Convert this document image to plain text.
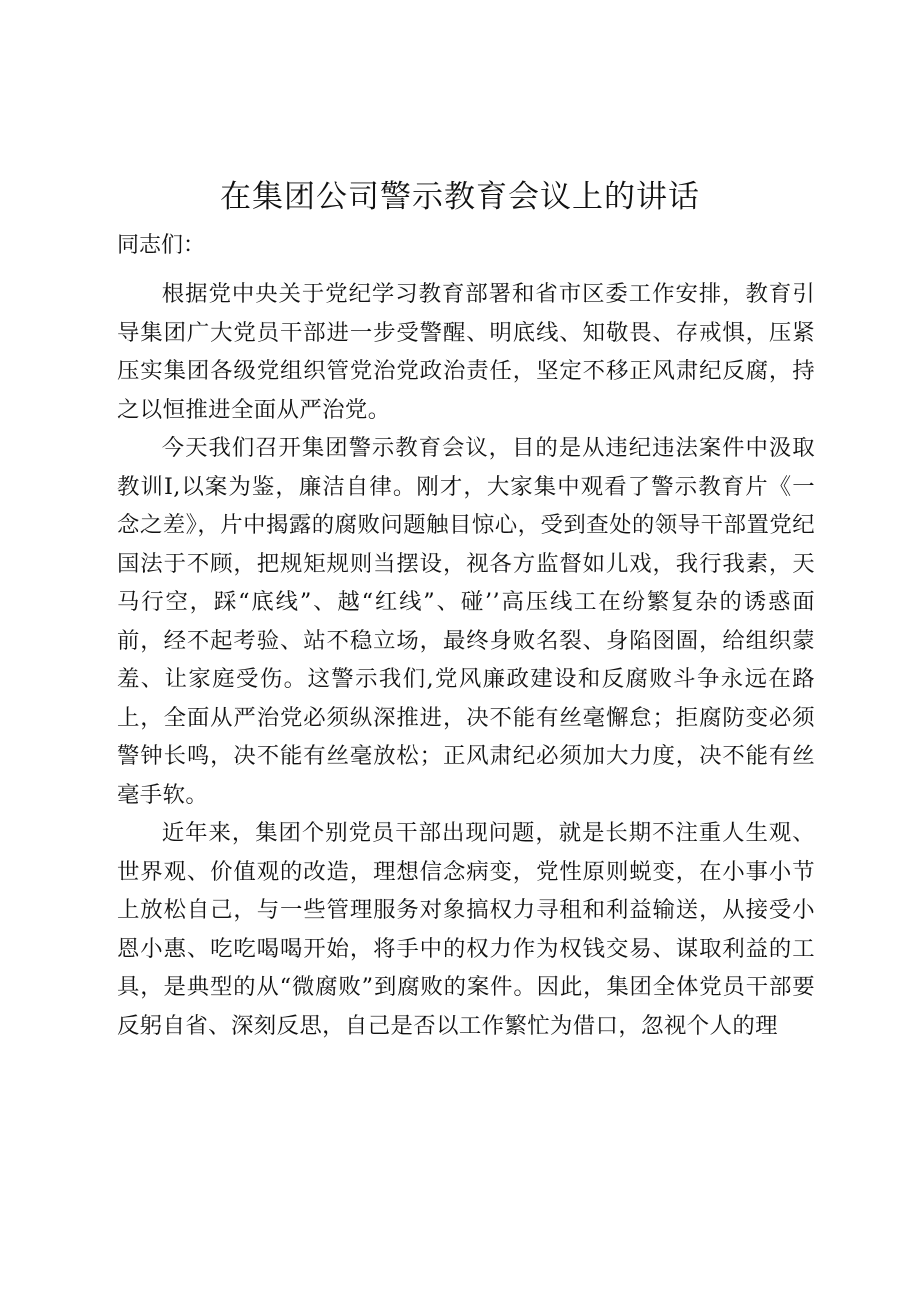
在集团公司警示教育会议上的讲话

同志们：

根据党中央关于党纪学习教育部署和省市区委工作安排，教育引导集团广大党员干部进一步受警醒、明底线、知敬畏、存戒惧，压紧压实集团各级党组织管党治党政治责任，坚定不移正风肃纪反腐，持之以恒推进全面从严治党。

今天我们召开集团警示教育会议，目的是从违纪违法案件中汲取教训I,以案为鉴，廉洁自律。刚才，大家集中观看了警示教育片《一念之差》，片中揭露的腐败问题触目惊心，受到查处的领导干部置党纪国法于不顾，把规矩规则当摆设，视各方监督如儿戏，我行我素，天马行空，踩“底线”、越“红线”、碰’’高压线工在纷繁复杂的诱惑面前，经不起考验、站不稳立场，最终身败名裂、身陷囹圄，给组织蒙羞、让家庭受伤。这警示我们,党风廉政建设和反腐败斗争永远在路上，全面从严治党必须纵深推进，决不能有丝毫懈怠；拒腐防变必须警钟长鸣，决不能有丝毫放松；正风肃纪必须加大力度，决不能有丝毫手软。

近年来，集团个别党员干部出现问题，就是长期不注重人生观、世界观、价值观的改造，理想信念病变，党性原则蜕变，在小事小节上放松自己，与一些管理服务对象搞权力寻租和利益输送，从接受小恩小惠、吃吃喝喝开始，将手中的权力作为权钱交易、谋取利益的工具，是典型的从“微腐败”到腐败的案件。因此，集团全体党员干部要反躬自省、深刻反思，自己是否以工作繁忙为借口，忽视个人的理
